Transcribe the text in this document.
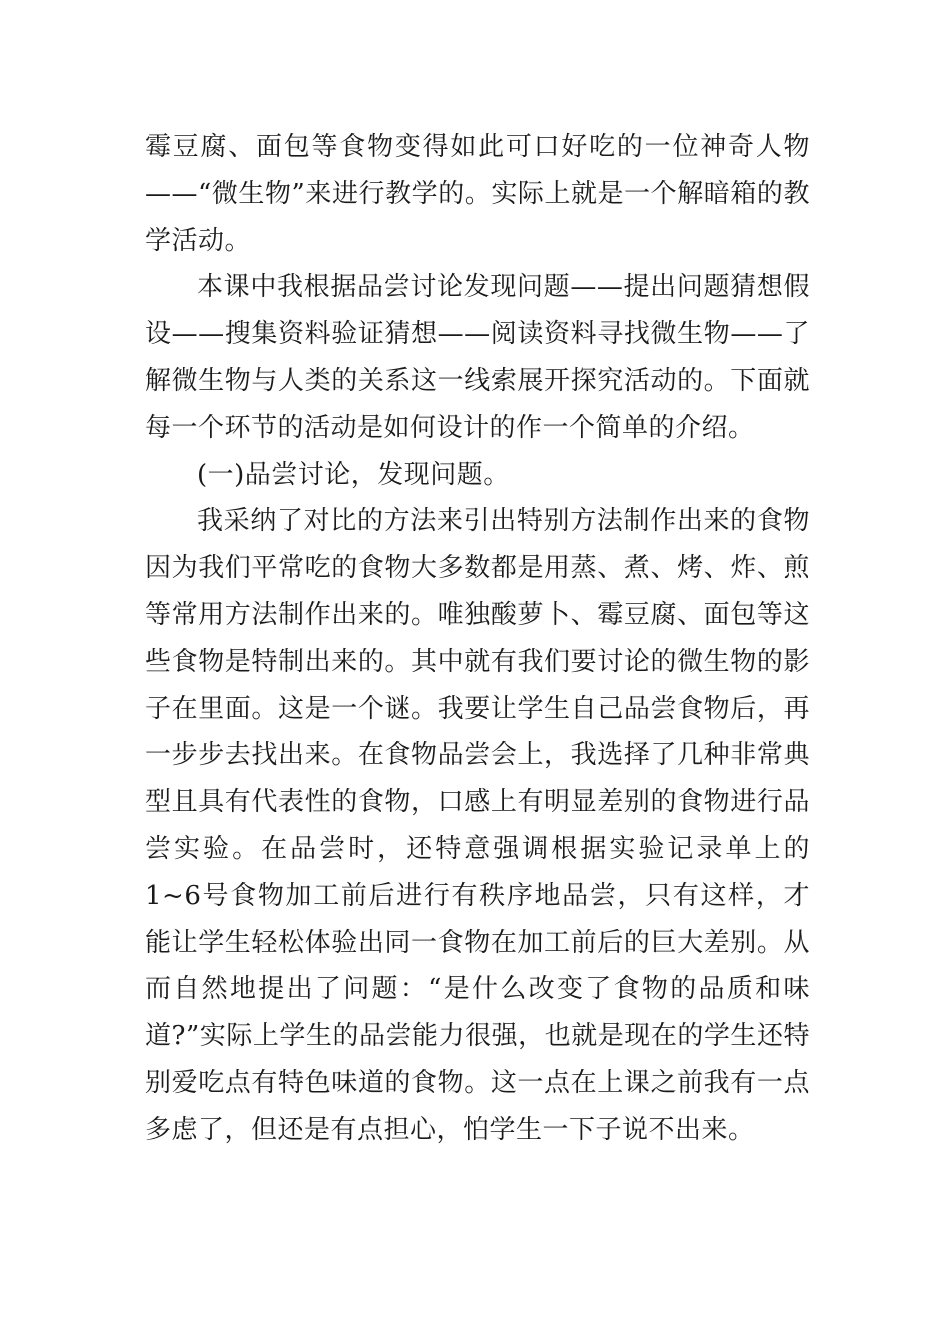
霉豆腐、面包等食物变得如此可口好吃的一位神奇人物——“微生物”来进行教学的。实际上就是一个解暗箱的教学活动。

本课中我根据品尝讨论发现问题——提出问题猜想假设——搜集资料验证猜想——阅读资料寻找微生物——了解微生物与人类的关系这一线索展开探究活动的。下面就每一个环节的活动是如何设计的作一个简单的介绍。

(一)品尝讨论，发现问题。

我采纳了对比的方法来引出特别方法制作出来的食物因为我们平常吃的食物大多数都是用蒸、煮、烤、炸、煎等常用方法制作出来的。唯独酸萝卜、霉豆腐、面包等这些食物是特制出来的。其中就有我们要讨论的微生物的影子在里面。这是一个谜。我要让学生自己品尝食物后，再一步步去找出来。在食物品尝会上，我选择了几种非常典型且具有代表性的食物，口感上有明显差别的食物进行品尝实验。在品尝时，还特意强调根据实验记录单上的1~6号食物加工前后进行有秩序地品尝，只有这样，才能让学生轻松体验出同一食物在加工前后的巨大差别。从而自然地提出了问题：“是什么改变了食物的品质和味道?”实际上学生的品尝能力很强，也就是现在的学生还特别爱吃点有特色味道的食物。这一点在上课之前我有一点多虑了，但还是有点担心，怕学生一下子说不出来。
